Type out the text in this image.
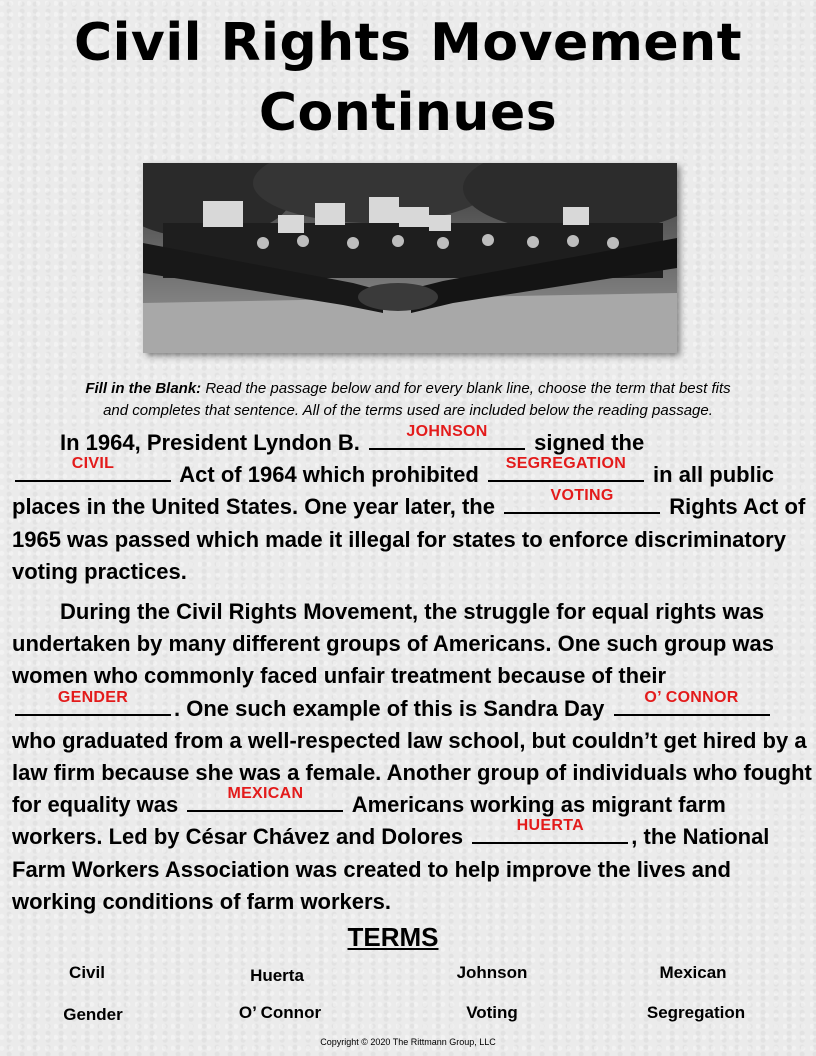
Civil Rights Movement
Continues
Fill in the Blank: Read the passage below and for every blank line, choose the term that best fits
and completes that sentence. All of the terms used are included below the reading passage.
In 1964, President Lyndon B.	JOHNSON	signed the
CIVIL	Act of 1964 which prohibited	SEGREGATION	in all public places in the United States. One year later, the	VOTING	Rights Act of 1965 was passed which made it illegal for states to enforce discriminatory voting practices.
During the Civil Rights Movement, the struggle for equal rights was undertaken by many different groups of Americans. One such group was women who commonly faced unfair treatment because of their
GENDER	. One such example of this is Sandra Day	O’ CONNOR
who graduated from a well-respected law school, but couldn’t get hired by a law firm because she was a female. Another group of individuals who fought for equality was	MEXICAN	Americans working as migrant farm workers. Led by César Chávez and Dolores	HUERTA	, the National Farm Workers Association was created to help improve the lives and working conditions of farm workers.
TERMS
Civil	Huerta	Johnson	Mexican
Gender	O’ Connor	Voting	Segregation
Copyright © 2020 The Rittmann Group, LLC
